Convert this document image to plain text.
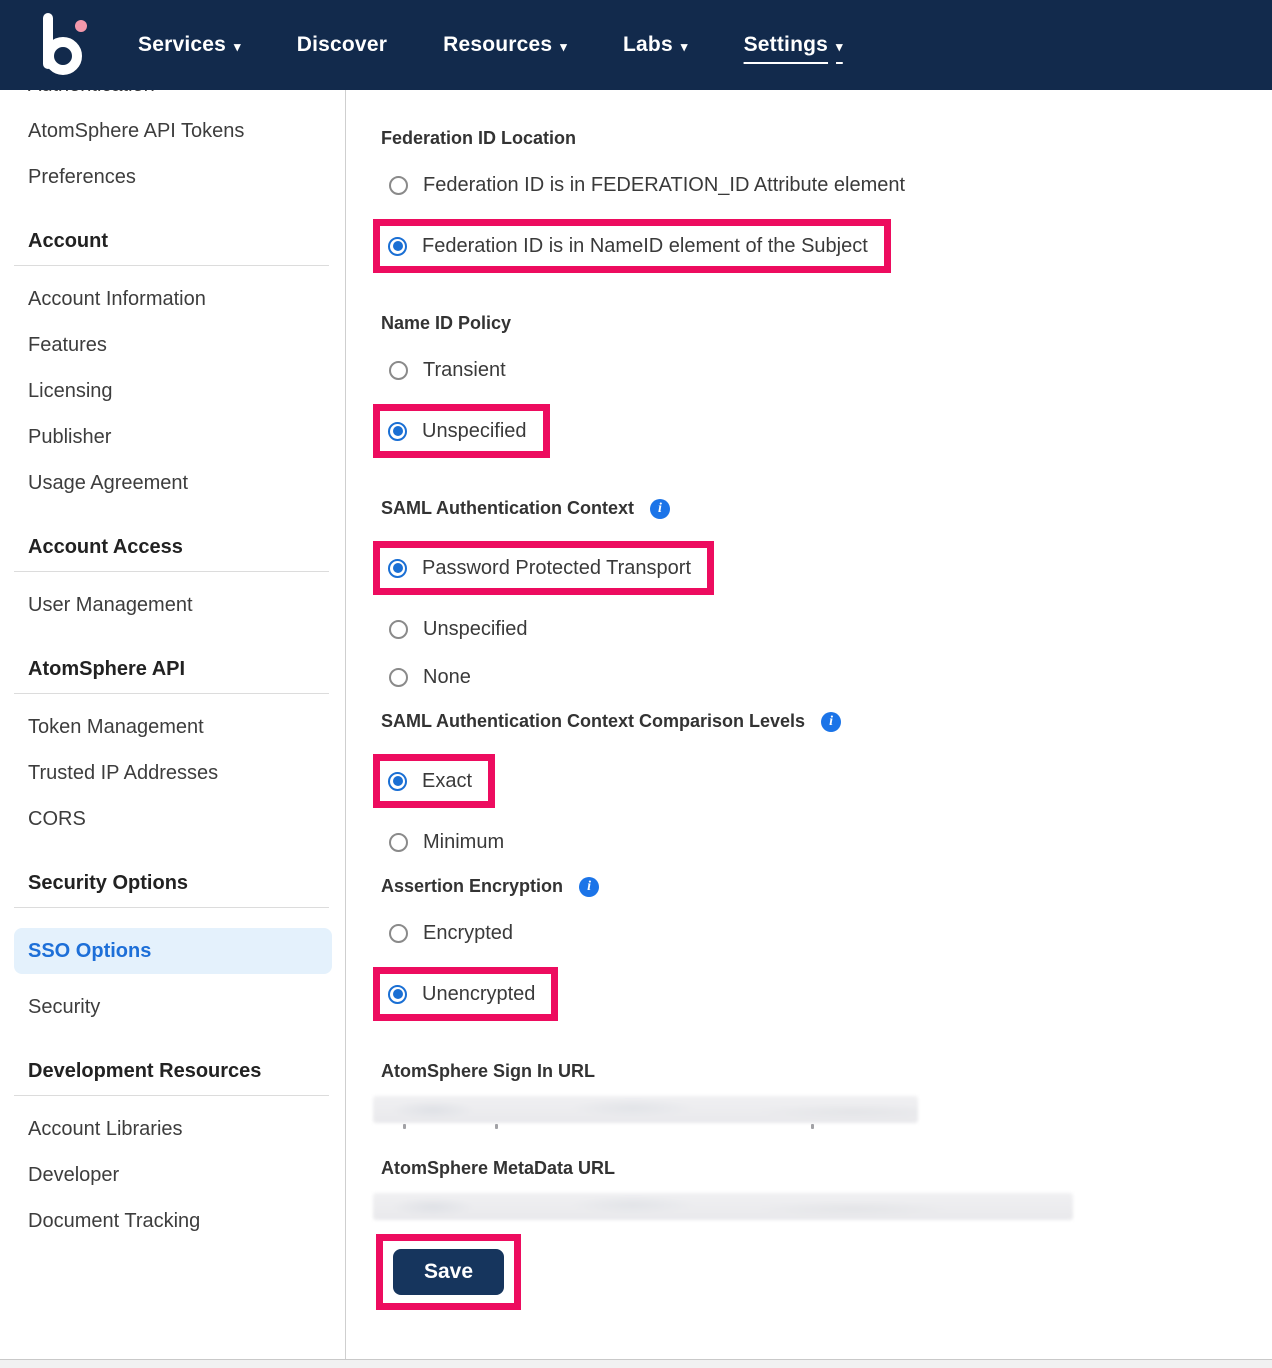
Services ▾	Discover	Resources ▾	Labs ▾	Settings ▾
AtomSphere API Tokens
Preferences
Account
Account Information
Features
Licensing
Publisher
Usage Agreement
Account Access
User Management
AtomSphere API
Token Management
Trusted IP Addresses
CORS
Security Options
SSO Options
Security
Development Resources
Account Libraries
Developer
Document Tracking
Federation ID Location
Federation ID is in FEDERATION_ID Attribute element
Federation ID is in NameID element of the Subject
Name ID Policy
Transient
Unspecified
SAML Authentication Context	i
Password Protected Transport
Unspecified
None
SAML Authentication Context Comparison Levels	i
Exact
Minimum
Assertion Encryption	i
Encrypted
Unencrypted
AtomSphere Sign In URL
AtomSphere MetaData URL
Save
